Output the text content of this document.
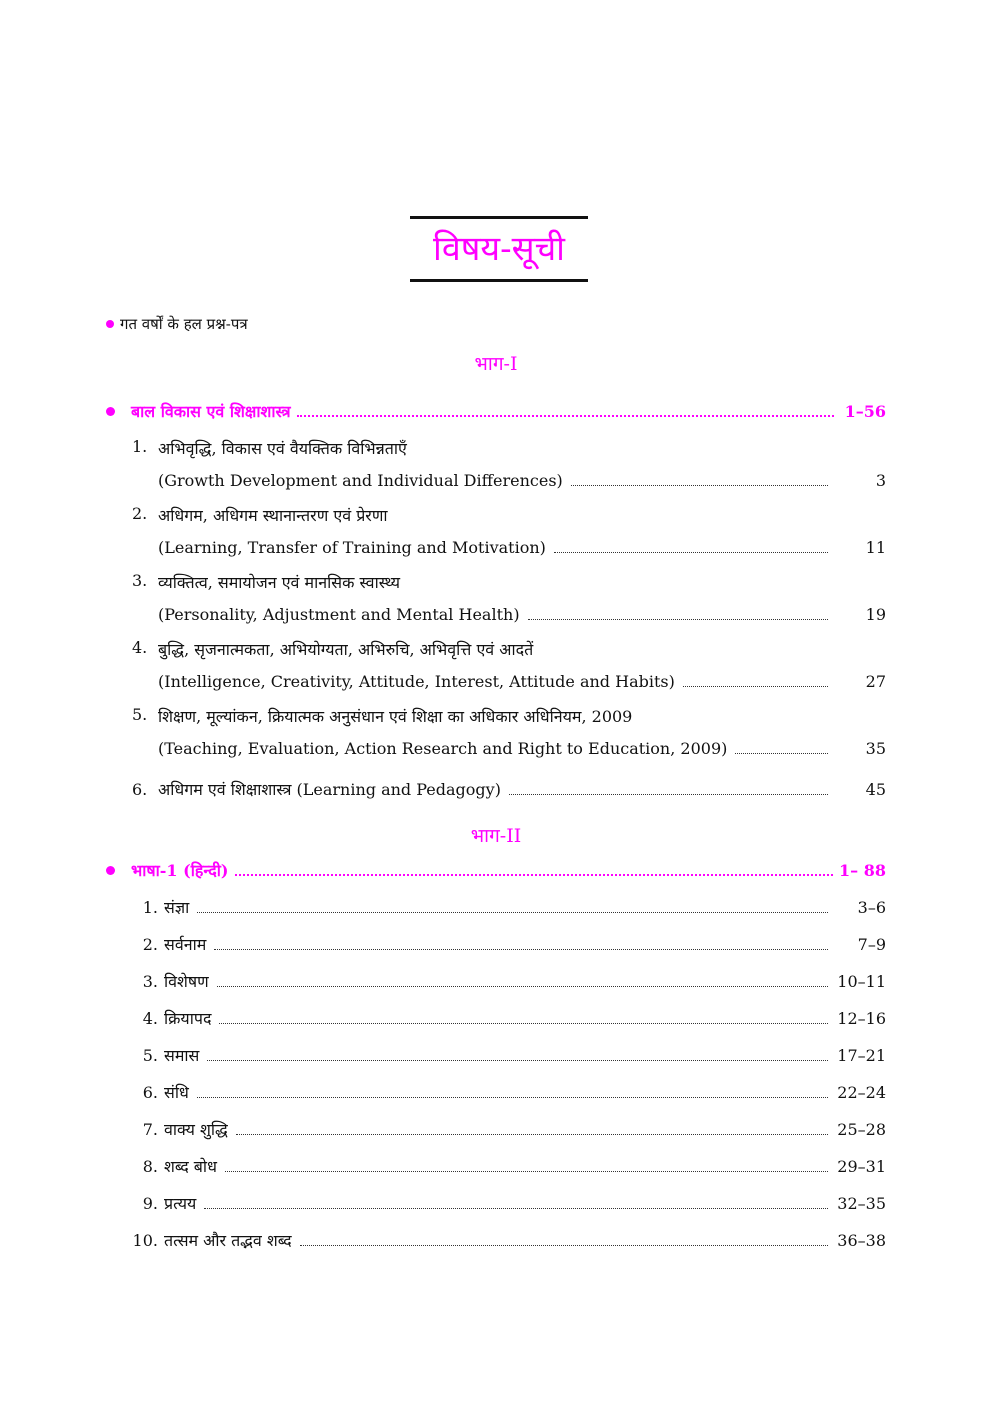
विषय-सूची
गत वर्षों के हल प्रश्न-पत्र
भाग-I
बाल विकास एवं शिक्षाशास्त्र	1–56
1. अभिवृद्धि, विकास एवं वैयक्तिक विभिन्नताएँ
(Growth Development and Individual Differences)	3
2. अधिगम, अधिगम स्थानान्तरण एवं प्रेरणा
(Learning, Transfer of Training and Motivation)	11
3. व्यक्तित्व, समायोजन एवं मानसिक स्वास्थ्य
(Personality, Adjustment and Mental Health)	19
4. बुद्धि, सृजनात्मकता, अभियोग्यता, अभिरुचि, अभिवृत्ति एवं आदतें
(Intelligence, Creativity, Attitude, Interest, Attitude and Habits)	27
5. शिक्षण, मूल्यांकन, क्रियात्मक अनुसंधान एवं शिक्षा का अधिकार अधिनियम, 2009
(Teaching, Evaluation, Action Research and Right to Education, 2009)	35
6. अधिगम एवं शिक्षाशास्त्र (Learning and Pedagogy)	45
भाग-II
भाषा-1 (हिन्दी)	1– 88
1. संज्ञा	3–6
2. सर्वनाम	7–9
3. विशेषण	10–11
4. क्रियापद	12–16
5. समास	17–21
6. संधि	22–24
7. वाक्य शुद्धि	25–28
8. शब्द बोध	29–31
9. प्रत्यय	32–35
10. तत्सम और तद्भव शब्द	36–38
